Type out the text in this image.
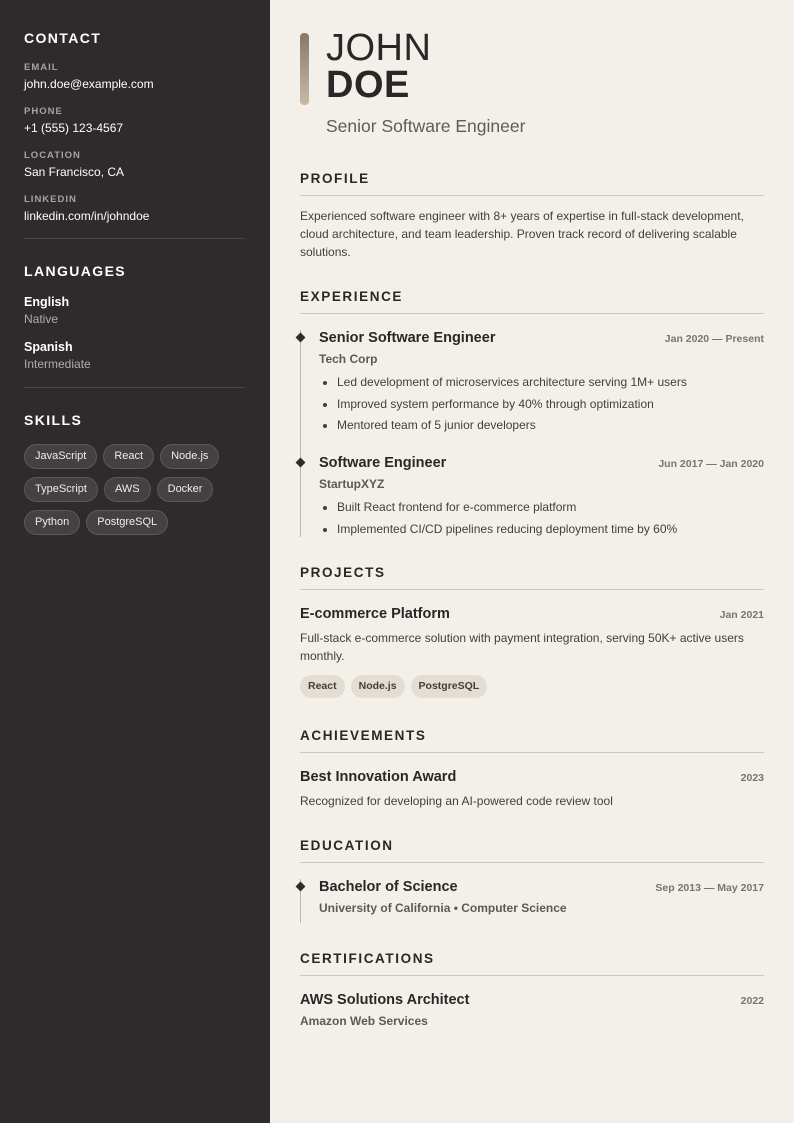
CONTACT
EMAIL
john.doe@example.com
PHONE
+1 (555) 123-4567
LOCATION
San Francisco, CA
LINKEDIN
linkedin.com/in/johndoe
LANGUAGES
English
Native
Spanish
Intermediate
SKILLS
JavaScript	React	Node.js
TypeScript	AWS	Docker
Python	PostgreSQL
JOHN
DOE
Senior Software Engineer
PROFILE
Experienced software engineer with 8+ years of expertise in full-stack development, cloud architecture, and team leadership. Proven track record of delivering scalable solutions.
EXPERIENCE
Senior Software Engineer	Jan 2020 — Present
Tech Corp
• Led development of microservices architecture serving 1M+ users
• Improved system performance by 40% through optimization
• Mentored team of 5 junior developers
Software Engineer	Jun 2017 — Jan 2020
StartupXYZ
• Built React frontend for e-commerce platform
• Implemented CI/CD pipelines reducing deployment time by 60%
PROJECTS
E-commerce Platform	Jan 2021
Full-stack e-commerce solution with payment integration, serving 50K+ active users monthly.
React	Node.js	PostgreSQL
ACHIEVEMENTS
Best Innovation Award	2023
Recognized for developing an AI-powered code review tool
EDUCATION
Bachelor of Science	Sep 2013 — May 2017
University of California • Computer Science
CERTIFICATIONS
AWS Solutions Architect	2022
Amazon Web Services
